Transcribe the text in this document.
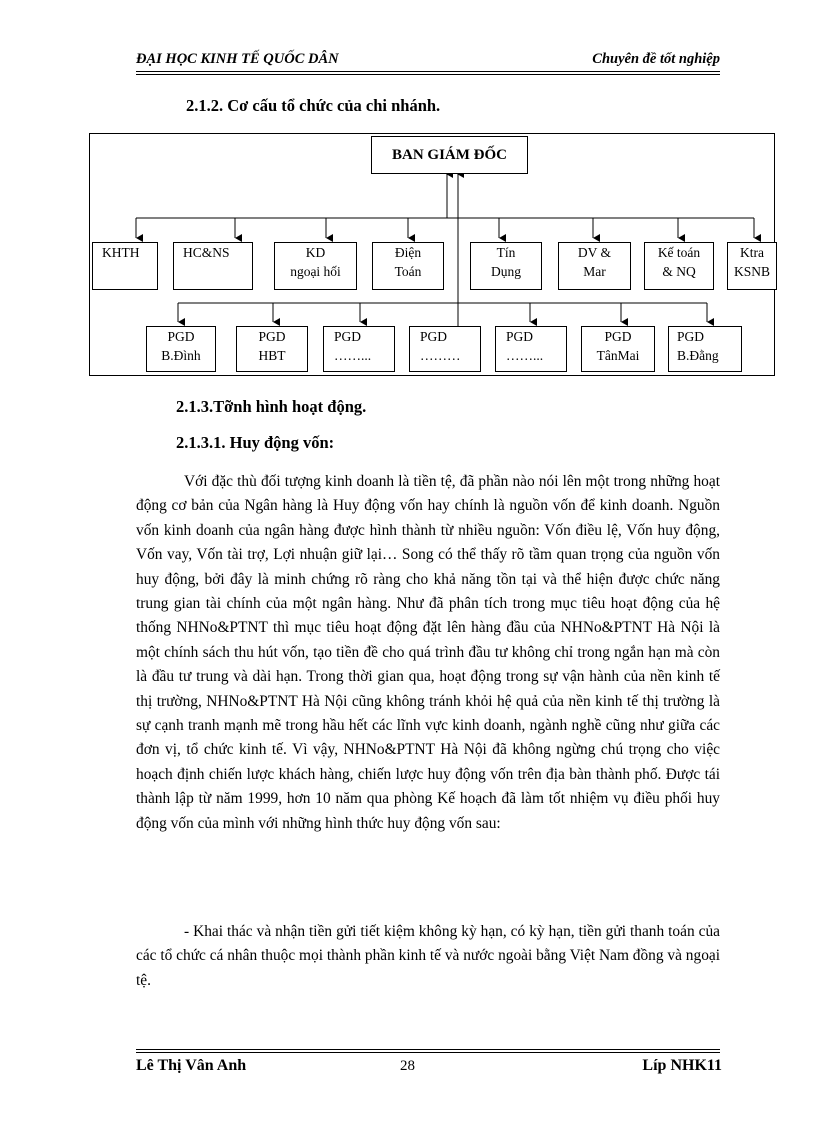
ĐẠI HỌC KINH TẾ QUỐC DÂN	Chuyên đề tốt nghiệp
2.1.2. Cơ cấu tổ chức của chi nhánh.
BAN GIÁM ĐỐC
KHTH	HC&NS	KD
ngoại hối
Điện
Toán
Tín
Dụng
DV &
Mar
Kế toán
& NQ
Ktra
KSNB
PGD
B.Đình
PGD
HBT
PGD
……...
PGD
………
PGD
……...
PGD
TânMai
PGD
B.Đằng
2.1.3.Tỡnh hình hoạt động.
2.1.3.1. Huy động vốn:

Với đặc thù đối tượng kinh doanh là tiền tệ, đã phần nào nói lên một trong những hoạt động cơ bản của Ngân hàng là Huy động vốn hay chính là nguồn vốn để kinh doanh. Nguồn vốn kinh doanh của ngân hàng được hình thành từ nhiều nguồn: Vốn điều lệ, Vốn huy động, Vốn vay, Vốn tài trợ, Lợi nhuận giữ lại… Song có thể thấy rõ tầm quan trọng của nguồn vốn huy động, bởi đây là minh chứng rõ ràng cho khả năng tồn tại và thể hiện được chức năng trung gian tài chính của một ngân hàng. Như đã phân tích trong mục tiêu hoạt động của hệ thống NHNo&PTNT thì mục tiêu hoạt động đặt lên hàng đầu của NHNo&PTNT Hà Nội là một chính sách thu hút vốn, tạo tiền đề cho quá trình đầu tư không chỉ trong ngắn hạn mà còn là đầu tư trung và dài hạn. Trong thời gian qua, hoạt động trong sự vận hành của nền kinh tế thị trường, NHNo&PTNT Hà Nội cũng không tránh khỏi hệ quả của nền kinh tế thị trường là sự cạnh tranh mạnh mẽ trong hầu hết các lĩnh vực kinh doanh, ngành nghề cũng như giữa các đơn vị, tổ chức kinh tế. Vì vậy, NHNo&PTNT Hà Nội đã không ngừng chú trọng cho việc hoạch định chiến lược khách hàng, chiến lược huy động vốn trên địa bàn thành phố. Được tái thành lập từ năm 1999, hơn 10 năm qua phòng Kế hoạch đã làm tốt nhiệm vụ điều phối huy động vốn của mình với những hình thức huy động vốn sau:

- Khai thác và nhận tiền gửi tiết kiệm không kỳ hạn, có kỳ hạn, tiền gửi thanh toán của các tổ chức cá nhân thuộc mọi thành phần kinh tế và nước ngoài bằng Việt Nam đồng và ngoại tệ.

Lê Thị Vân Anh	28	Líp NHK11
